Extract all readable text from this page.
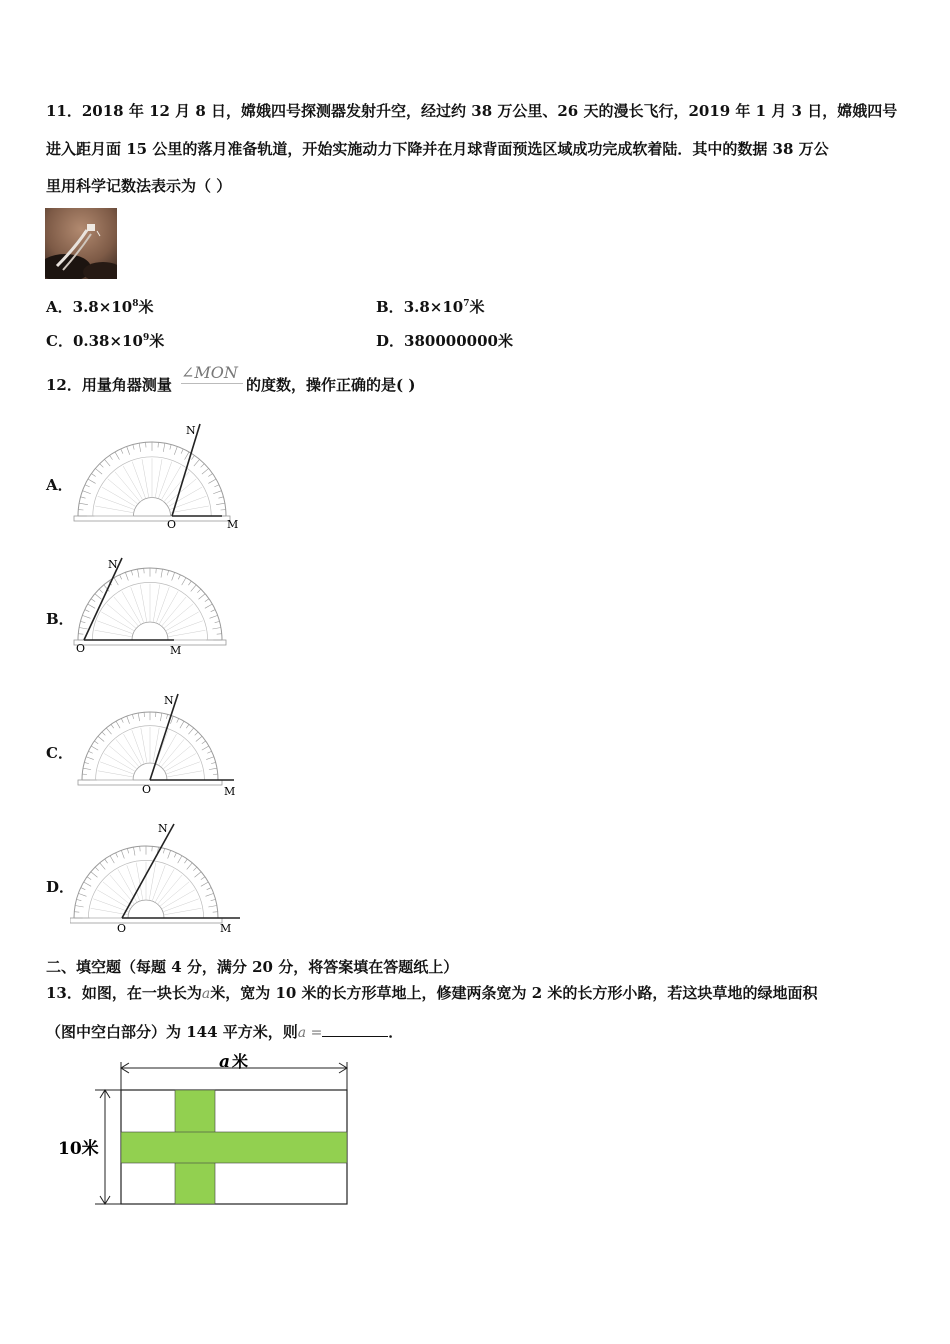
11．2018 年 12 月 8 日，嫦娥四号探测器发射升空，经过约 38 万公里、26 天的漫长飞行，2019 年 1 月 3 日，嫦娥四号
进入距月面 15 公里的落月准备轨道，开始实施动力下降并在月球背面预选区域成功完成软着陆．其中的数据 38 万公
里用科学记数法表示为（ ）
A．$3.8\times 10^8$米	B．$3.8\times 10^7$米
C．$0.38\times 10^9$米	D．380000000米
12．用量角器测量
∠MON
的度数，操作正确的是( )
A．
B．
C．
D．
O	M
N
O	M
N
O	M
N
O	M
N
二、填空题（每题 4 分，满分 20 分，将答案填在答题纸上）
13．如图，在一块长为a米，宽为 10 米的长方形草地上，修建两条宽为 2 米的长方形小路，若这块草地的绿地面积
（图中空白部分）为 144 平方米，则a =	．
a 米
10米
